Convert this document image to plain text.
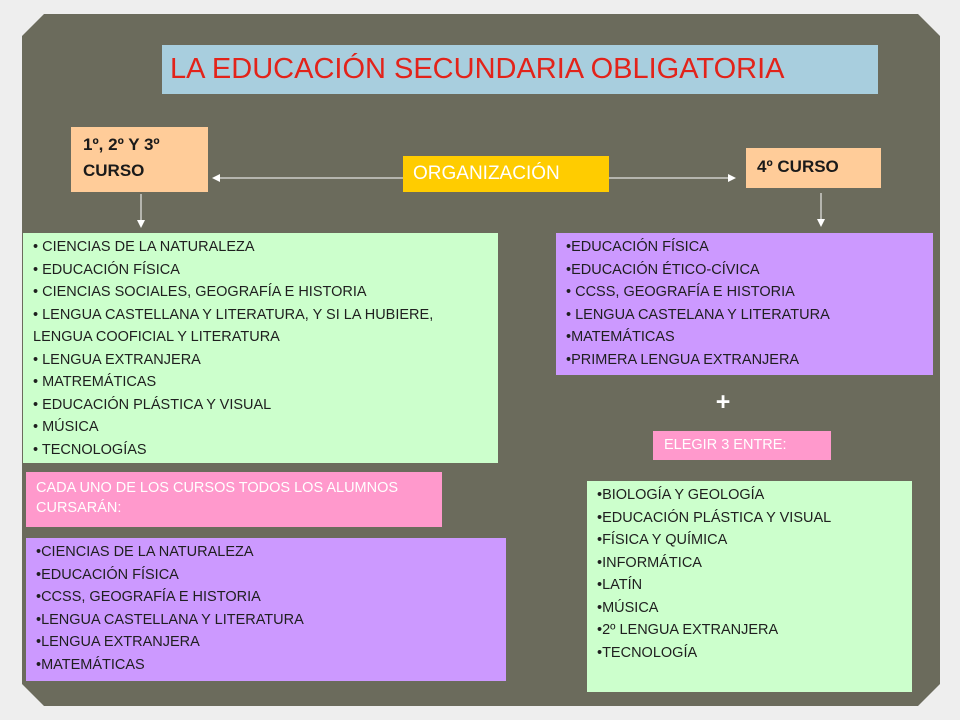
LA EDUCACIÓN SECUNDARIA OBLIGATORIA
1º, 2º Y 3º CURSO	ORGANIZACIÓN	4º CURSO
• CIENCIAS DE LA NATURALEZA
• EDUCACIÓN FÍSICA
• CIENCIAS SOCIALES, GEOGRAFÍA E HISTORIA
• LENGUA CASTELLANA Y LITERATURA, Y SI LA HUBIERE, LENGUA COOFICIAL Y LITERATURA
• LENGUA EXTRANJERA
• MATREMÁTICAS
• EDUCACIÓN PLÁSTICA Y VISUAL
• MÚSICA
• TECNOLOGÍAS
CADA UNO DE LOS CURSOS TODOS LOS ALUMNOS CURSARÁN:
•CIENCIAS DE LA NATURALEZA
•EDUCACIÓN FÍSICA
•CCSS, GEOGRAFÍA E HISTORIA
•LENGUA CASTELLANA Y LITERATURA
•LENGUA EXTRANJERA
•MATEMÁTICAS
•EDUCACIÓN FÍSICA
•EDUCACIÓN ÉTICO-CÍVICA
• CCSS, GEOGRAFÍA E HISTORIA
• LENGUA CASTELANA Y LITERATURA
•MATEMÁTICAS
•PRIMERA LENGUA EXTRANJERA
+
ELEGIR 3 ENTRE:
•BIOLOGÍA Y GEOLOGÍA
•EDUCACIÓN PLÁSTICA Y VISUAL
•FÍSICA Y QUÍMICA
•INFORMÁTICA
•LATÍN
•MÚSICA
•2º LENGUA EXTRANJERA
•TECNOLOGÍA
